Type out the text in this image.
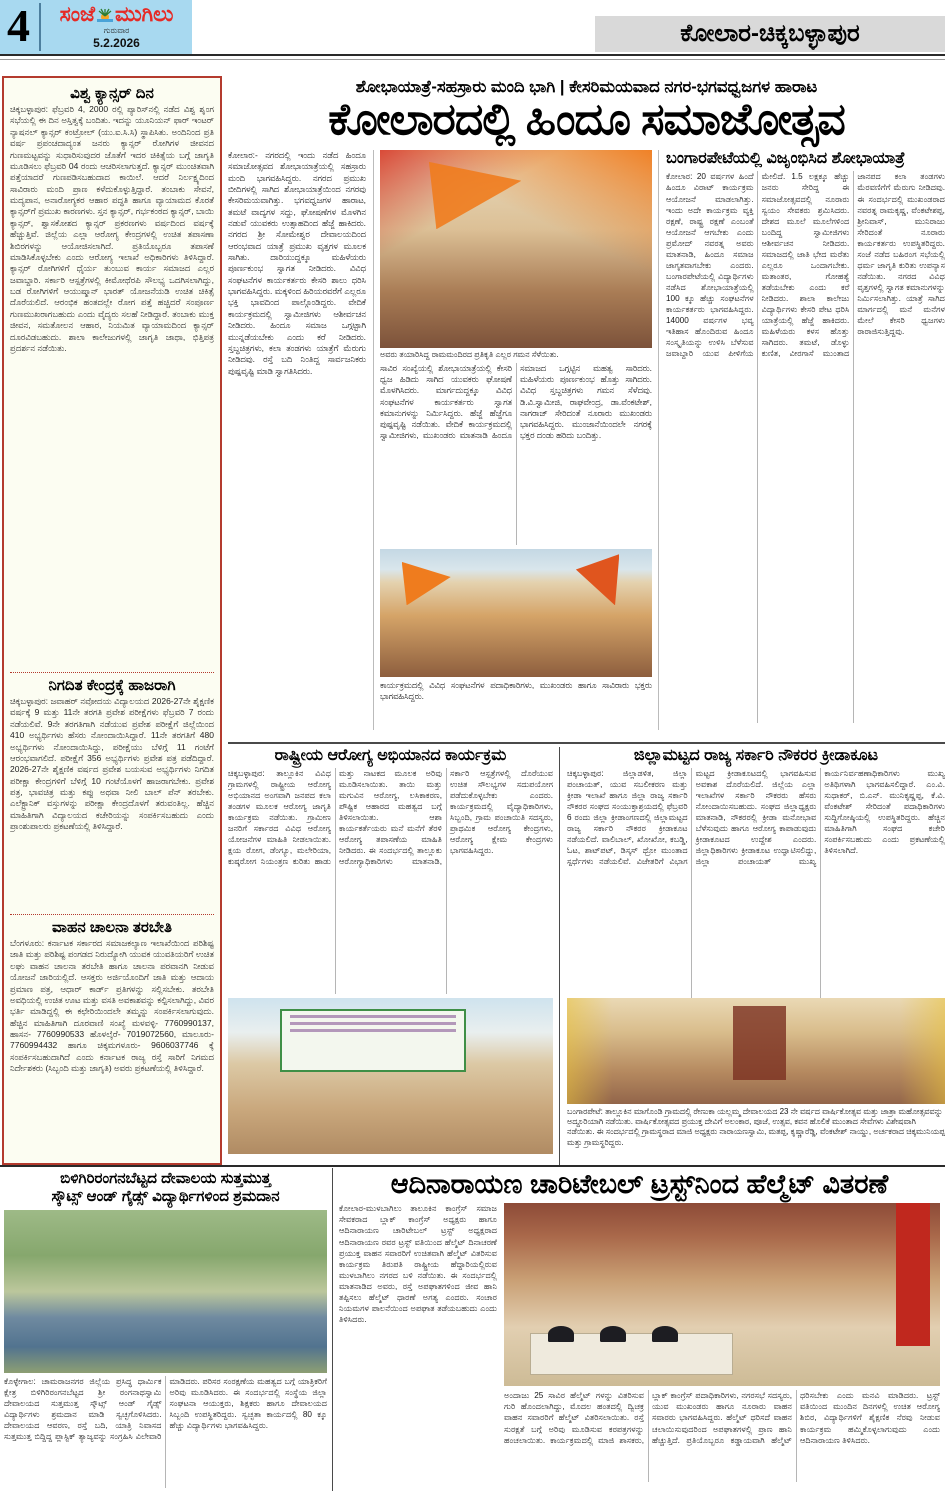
4	ಸಂಜೆ ಮುಗಿಲು
ಗುರುವಾರ
5.2.2026	ಕೋಲಾರ-ಚಿಕ್ಕಬಳ್ಳಾಪುರ
ವಿಶ್ವ ಕ್ಯಾನ್ಸರ್ ದಿನ
ಚಿಕ್ಕಬಳ್ಳಾಪುರ: ಫೆಬ್ರವರಿ 4, 2000 ರಲ್ಲಿ ಪ್ಯಾರಿಸ್‌ನಲ್ಲಿ ನಡೆದ ವಿಶ್ವ ಶೃಂಗ ಸಭೆಯಲ್ಲಿ ಈ ದಿನ ಅಸ್ತಿತ್ವಕ್ಕೆ ಬಂದಿತು. ಇದನ್ನು ಯೂನಿಯನ್ ಫಾರ್ ಇಂಟರ್ ನ್ಯಾಷನಲ್ ಕ್ಯಾನ್ಸರ್ ಕಂಟ್ರೋಲ್ (ಯು.ಐ.ಸಿ.ಸಿ) ಸ್ಥಾಪಿಸಿತು. ಅಂದಿನಿಂದ ಪ್ರತಿ ವರ್ಷ ಪ್ರಪಂಚದಾದ್ಯಂತ ಜನರು ಕ್ಯಾನ್ಸರ್ ರೋಗಿಗಳ ಜೀವನದ ಗುಣಮಟ್ಟವನ್ನು ಸುಧಾರಿಸುವುದರ ಜೊತೆಗೆ ಇದರ ಚಿಕಿತ್ಸೆಯ ಬಗ್ಗೆ ಜಾಗೃತಿ ಮೂಡಿಸಲು ಫೆಬ್ರವರಿ 04 ರಂದು ಆಚರಿಸಲಾಗುತ್ತದೆ. ಕ್ಯಾನ್ಸರ್ ಮುಂಚಿತವಾಗಿ ಪತ್ತೆಯಾದರೆ ಗುಣಪಡಿಸಬಹುದಾದ ಕಾಯಿಲೆ. ಆದರೆ ನಿರ್ಲಕ್ಷ್ಯದಿಂದ ಸಾವಿರಾರು ಮಂದಿ ಪ್ರಾಣ ಕಳೆದುಕೊಳ್ಳುತ್ತಿದ್ದಾರೆ. ತಂಬಾಕು ಸೇವನೆ, ಮದ್ಯಪಾನ, ಅನಾರೋಗ್ಯಕರ ಆಹಾರ ಪದ್ಧತಿ ಹಾಗೂ ವ್ಯಾಯಾಮದ ಕೊರತೆ ಕ್ಯಾನ್ಸರ್‌ಗೆ ಪ್ರಮುಖ ಕಾರಣಗಳು. ಸ್ತನ ಕ್ಯಾನ್ಸರ್, ಗರ್ಭಕಂಠದ ಕ್ಯಾನ್ಸರ್, ಬಾಯಿ ಕ್ಯಾನ್ಸರ್, ಶ್ವಾಸಕೋಶದ ಕ್ಯಾನ್ಸರ್ ಪ್ರಕರಣಗಳು ವರ್ಷದಿಂದ ವರ್ಷಕ್ಕೆ ಹೆಚ್ಚುತ್ತಿವೆ. ಜಿಲ್ಲೆಯ ಎಲ್ಲಾ ಆರೋಗ್ಯ ಕೇಂದ್ರಗಳಲ್ಲಿ ಉಚಿತ ತಪಾಸಣಾ ಶಿಬಿರಗಳನ್ನು ಆಯೋಜಿಸಲಾಗಿದೆ. ಪ್ರತಿಯೊಬ್ಬರೂ ತಪಾಸಣೆ ಮಾಡಿಸಿಕೊಳ್ಳಬೇಕು ಎಂದು ಆರೋಗ್ಯ ಇಲಾಖೆ ಅಧಿಕಾರಿಗಳು ತಿಳಿಸಿದ್ದಾರೆ. ಕ್ಯಾನ್ಸರ್ ರೋಗಿಗಳಿಗೆ ಧೈರ್ಯ ತುಂಬುವ ಕಾರ್ಯ ಸಮಾಜದ ಎಲ್ಲರ ಜವಾಬ್ದಾರಿ. ಸರ್ಕಾರಿ ಆಸ್ಪತ್ರೆಗಳಲ್ಲಿ ಕೀಮೋಥೆರಪಿ ಸೌಲಭ್ಯ ಒದಗಿಸಲಾಗಿದ್ದು, ಬಡ ರೋಗಿಗಳಿಗೆ ಆಯುಷ್ಮಾನ್ ಭಾರತ್ ಯೋಜನೆಯಡಿ ಉಚಿತ ಚಿಕಿತ್ಸೆ ದೊರೆಯಲಿದೆ. ಆರಂಭಿಕ ಹಂತದಲ್ಲೇ ರೋಗ ಪತ್ತೆ ಹಚ್ಚಿದರೆ ಸಂಪೂರ್ಣ ಗುಣಮುಖರಾಗಬಹುದು ಎಂದು ವೈದ್ಯರು ಸಲಹೆ ನೀಡಿದ್ದಾರೆ. ತಂಬಾಕು ಮುಕ್ತ ಜೀವನ, ಸಮತೋಲನ ಆಹಾರ, ನಿಯಮಿತ ವ್ಯಾಯಾಮದಿಂದ ಕ್ಯಾನ್ಸರ್ ದೂರವಿಡಬಹುದು. ಶಾಲಾ ಕಾಲೇಜುಗಳಲ್ಲಿ ಜಾಗೃತಿ ಜಾಥಾ, ಭಿತ್ತಿಪತ್ರ ಪ್ರದರ್ಶನ ನಡೆಯಿತು.
ನಿಗದಿತ ಕೇಂದ್ರಕ್ಕೆ ಹಾಜರಾಗಿ
ಚಿಕ್ಕಬಳ್ಳಾಪುರ: ಜವಾಹರ್ ನವೋದಯ ವಿದ್ಯಾಲಯದ 2026-27ನೇ ಶೈಕ್ಷಣಿಕ ವರ್ಷಕ್ಕೆ 9 ಮತ್ತು 11ನೇ ತರಗತಿ ಪ್ರವೇಶ ಪರೀಕ್ಷೆಗಳು ಫೆಬ್ರವರಿ 7 ರಂದು ನಡೆಯಲಿವೆ. 9ನೇ ತರಗತಿಗಾಗಿ ನಡೆಯುವ ಪ್ರವೇಶ ಪರೀಕ್ಷೆಗೆ ಜಿಲ್ಲೆಯಿಂದ 410 ಅಭ್ಯರ್ಥಿಗಳು ಹೆಸರು ನೋಂದಾಯಿಸಿದ್ದಾರೆ. 11ನೇ ತರಗತಿಗೆ 480 ಅಭ್ಯರ್ಥಿಗಳು ನೋಂದಾಯಿಸಿದ್ದು, ಪರೀಕ್ಷೆಯು ಬೆಳಿಗ್ಗೆ 11 ಗಂಟೆಗೆ ಆರಂಭವಾಗಲಿದೆ. ಪರೀಕ್ಷೆಗೆ 356 ಅಭ್ಯರ್ಥಿಗಳು ಪ್ರವೇಶ ಪತ್ರ ಪಡೆದಿದ್ದಾರೆ. 2026-27ನೇ ಶೈಕ್ಷಣಿಕ ವರ್ಷದ ಪ್ರವೇಶ ಬಯಸುವ ಅಭ್ಯರ್ಥಿಗಳು ನಿಗದಿತ ಪರೀಕ್ಷಾ ಕೇಂದ್ರಗಳಿಗೆ ಬೆಳಿಗ್ಗೆ 10 ಗಂಟೆಯೊಳಗೆ ಹಾಜರಾಗಬೇಕು. ಪ್ರವೇಶ ಪತ್ರ, ಭಾವಚಿತ್ರ ಮತ್ತು ಕಪ್ಪು ಅಥವಾ ನೀಲಿ ಬಾಲ್ ಪೆನ್ ತರಬೇಕು. ಎಲೆಕ್ಟ್ರಾನಿಕ್ ವಸ್ತುಗಳನ್ನು ಪರೀಕ್ಷಾ ಕೇಂದ್ರದೊಳಗೆ ತರುವಂತಿಲ್ಲ. ಹೆಚ್ಚಿನ ಮಾಹಿತಿಗಾಗಿ ವಿದ್ಯಾಲಯದ ಕಚೇರಿಯನ್ನು ಸಂಪರ್ಕಿಸಬಹುದು ಎಂದು ಪ್ರಾಂಶುಪಾಲರು ಪ್ರಕಟಣೆಯಲ್ಲಿ ತಿಳಿಸಿದ್ದಾರೆ.
ವಾಹನ ಚಾಲನಾ ತರಬೇತಿ
ಬೆಂಗಳೂರು: ಕರ್ನಾಟಕ ಸರ್ಕಾರದ ಸಮಾಜಕಲ್ಯಾಣ ಇಲಾಖೆಯಿಂದ ಪರಿಶಿಷ್ಟ ಜಾತಿ ಮತ್ತು ಪರಿಶಿಷ್ಟ ಪಂಗಡದ ನಿರುದ್ಯೋಗಿ ಯುವಕ ಯುವತಿಯರಿಗೆ ಉಚಿತ ಲಘು ವಾಹನ ಚಾಲನಾ ತರಬೇತಿ ಹಾಗೂ ಚಾಲನಾ ಪರವಾನಗಿ ನೀಡುವ ಯೋಜನೆ ಜಾರಿಯಲ್ಲಿದೆ. ಆಸಕ್ತರು ಅರ್ಜಿಯೊಂದಿಗೆ ಜಾತಿ ಮತ್ತು ಆದಾಯ ಪ್ರಮಾಣ ಪತ್ರ, ಆಧಾರ್ ಕಾರ್ಡ್ ಪ್ರತಿಗಳನ್ನು ಸಲ್ಲಿಸಬೇಕು. ತರಬೇತಿ ಅವಧಿಯಲ್ಲಿ ಉಚಿತ ಊಟ ಮತ್ತು ವಸತಿ ಅವಕಾಶವನ್ನು ಕಲ್ಪಿಸಲಾಗಿದ್ದು, ವಿವರ ಭರ್ತಿ ಮಾಡಿದ್ದಲ್ಲಿ ಈ ಕಛೇರಿಯಿಂದಲೇ ತಮ್ಮನ್ನು ಸಂಪರ್ಕಿಸಲಾಗುವುದು. ಹೆಚ್ಚಿನ ಮಾಹಿತಿಗಾಗಿ ದೂರವಾಣಿ ಸಂಖ್ಯೆ ಮಳವಳ್ಳಿ- 7760990137, ಹಾಸನ- 7760990533 ಹೊಳಲ್ಕೆರೆ- 7019072560, ಮಾಲೂರು- 7760994432 ಹಾಗೂ ಚಿಕ್ಕಮಗಳೂರು- 9606037746 ಕ್ಕೆ ಸಂಪರ್ಕಿಸಬಹುದಾಗಿದೆ ಎಂದು ಕರ್ನಾಟಕ ರಾಜ್ಯ ರಸ್ತೆ ಸಾರಿಗೆ ನಿಗಮದ ನಿರ್ದೇಶಕರು (ಸಿಬ್ಬಂದಿ ಮತ್ತು ಜಾಗೃತಿ) ಅವರು ಪ್ರಕಟಣೆಯಲ್ಲಿ ತಿಳಿಸಿದ್ದಾರೆ.
ಶೋಭಾಯಾತ್ರೆ-ಸಹಸ್ರಾರು ಮಂದಿ ಭಾಗಿ | ಕೇಸರಿಮಯವಾದ ನಗರ-ಭಗವಧ್ವಜಗಳ ಹಾರಾಟ
ಕೋಲಾರದಲ್ಲಿ ಹಿಂದೂ ಸಮಾಜೋತ್ಸವ
ಕೋಲಾರ:- ನಗರದಲ್ಲಿ ಇಂದು ನಡೆದ ಹಿಂದೂ ಸಮಾಜೋತ್ಸವದ ಶೋಭಾಯಾತ್ರೆಯಲ್ಲಿ ಸಹಸ್ರಾರು ಮಂದಿ ಭಾಗವಹಿಸಿದ್ದರು. ನಗರದ ಪ್ರಮುಖ ಬೀದಿಗಳಲ್ಲಿ ಸಾಗಿದ ಶೋಭಾಯಾತ್ರೆಯಿಂದ ನಗರವು ಕೇಸರಿಮಯವಾಗಿತ್ತು. ಭಗವಧ್ವಜಗಳ ಹಾರಾಟ, ತಮಟೆ ವಾದ್ಯಗಳ ಸದ್ದು, ಘೋಷಣೆಗಳ ಮೊಳಗಿನ ನಡುವೆ ಯುವಕರು ಉತ್ಸಾಹದಿಂದ ಹೆಜ್ಜೆ ಹಾಕಿದರು. ನಗರದ ಶ್ರೀ ಸೋಮೇಶ್ವರ ದೇವಾಲಯದಿಂದ ಆರಂಭವಾದ ಯಾತ್ರೆ ಪ್ರಮುಖ ವೃತ್ತಗಳ ಮೂಲಕ ಸಾಗಿತು. ದಾರಿಯುದ್ದಕ್ಕೂ ಮಹಿಳೆಯರು ಪೂರ್ಣಕುಂಭ ಸ್ವಾಗತ ನೀಡಿದರು. ವಿವಿಧ ಸಂಘಟನೆಗಳ ಕಾರ್ಯಕರ್ತರು ಕೇಸರಿ ಶಾಲು ಧರಿಸಿ ಭಾಗವಹಿಸಿದ್ದರು. ಮಕ್ಕಳಿಂದ ಹಿರಿಯರವರೆಗೆ ಎಲ್ಲರೂ ಭಕ್ತಿ ಭಾವದಿಂದ ಪಾಲ್ಗೊಂಡಿದ್ದರು. ವೇದಿಕೆ ಕಾರ್ಯಕ್ರಮದಲ್ಲಿ ಸ್ವಾಮೀಜಿಗಳು ಆಶೀರ್ವಚನ ನೀಡಿದರು. ಹಿಂದೂ ಸಮಾಜ ಒಗ್ಗಟ್ಟಾಗಿ ಮುನ್ನಡೆಯಬೇಕು ಎಂದು ಕರೆ ನೀಡಿದರು. ಸ್ತಬ್ಧಚಿತ್ರಗಳು, ಕಲಾ ತಂಡಗಳು ಯಾತ್ರೆಗೆ ಮೆರುಗು ನೀಡಿದವು. ರಸ್ತೆ ಬದಿ ನಿಂತಿದ್ದ ಸಾರ್ವಜನಿಕರು ಪುಷ್ಪವೃಷ್ಟಿ ಮಾಡಿ ಸ್ವಾಗತಿಸಿದರು.
ಅವರು ತಯಾರಿಸಿದ್ದ ರಾಮಮಂದಿರದ ಪ್ರತಿಕೃತಿ ಎಲ್ಲರ ಗಮನ ಸೆಳೆಯಿತು.
ಸಾವಿರ ಸಂಖ್ಯೆಯಲ್ಲಿ ಶೋಭಾಯಾತ್ರೆಯಲ್ಲಿ ಕೇಸರಿ ಧ್ವಜ ಹಿಡಿದು ಸಾಗಿದ ಯುವಕರು ಘೋಷಣೆ ಮೊಳಗಿಸಿದರು. ಮಾರ್ಗದುದ್ದಕ್ಕೂ ವಿವಿಧ ಸಂಘಟನೆಗಳ ಕಾರ್ಯಕರ್ತರು ಸ್ವಾಗತ ಕಮಾನುಗಳನ್ನು ನಿರ್ಮಿಸಿದ್ದರು. ಹೆಜ್ಜೆ ಹೆಜ್ಜೆಗೂ ಪುಷ್ಪವೃಷ್ಟಿ ನಡೆಯಿತು. ವೇದಿಕೆ ಕಾರ್ಯಕ್ರಮದಲ್ಲಿ ಸ್ವಾಮೀಜಿಗಳು, ಮುಖಂಡರು ಮಾತನಾಡಿ ಹಿಂದೂ ಸಮಾಜದ ಒಗ್ಗಟ್ಟಿನ ಮಹತ್ವ ಸಾರಿದರು. ಮಹಿಳೆಯರು ಪೂರ್ಣಕುಂಭ ಹೊತ್ತು ಸಾಗಿದರು. ವಿವಿಧ ಸ್ತಬ್ಧಚಿತ್ರಗಳು ಗಮನ ಸೆಳೆದವು. ಡಿ.ವಿ.ಸ್ವಾಮೀಜಿ, ರಾಘವೇಂದ್ರ, ಡಾ.ವೆಂಕಟೇಶ್, ನಾಗರಾಜ್ ಸೇರಿದಂತೆ ನೂರಾರು ಮುಖಂಡರು ಭಾಗವಹಿಸಿದ್ದರು. ಮುಂಜಾನೆಯಿಂದಲೇ ನಗರಕ್ಕೆ ಭಕ್ತರ ದಂಡು ಹರಿದು ಬಂದಿತ್ತು.
ಕಾರ್ಯಕ್ರಮದಲ್ಲಿ ವಿವಿಧ ಸಂಘಟನೆಗಳ ಪದಾಧಿಕಾರಿಗಳು, ಮುಖಂಡರು ಹಾಗೂ ಸಾವಿರಾರು ಭಕ್ತರು ಭಾಗವಹಿಸಿದ್ದರು.
ಬಂಗಾರಪೇಟೆಯಲ್ಲಿ ವಿಜೃಂಭಿಸಿದ ಶೋಭಾಯಾತ್ರೆ
ಕೋಲಾರ: 20 ವರ್ಷಗಳ ಹಿಂದೆ ಹಿಂದೂ ವಿರಾಟ್ ಕಾರ್ಯಕ್ರಮ ಆಯೋಜನೆ ಮಾಡಲಾಗಿತ್ತು. ಇಂದು ಅದೇ ಕಾರ್ಯಕ್ರಮ ವ್ಯಕ್ತಿ ರಕ್ಷಣೆ, ರಾಷ್ಟ್ರ ರಕ್ಷಣೆ ಎಂಬಂತೆ ಆಯೋಜನೆ ಆಗಬೇಕು ಎಂದು ಪ್ರಮೋದ್ ನವರತ್ನ ಅವರು ಮಾತನಾಡಿ, ಹಿಂದೂ ಸಮಾಜ ಜಾಗೃತವಾಗಬೇಕು ಎಂದರು. ಬಂಗಾರಪೇಟೆಯಲ್ಲಿ ವಿದ್ಯಾರ್ಥಿಗಳು ನಡೆಸಿದ ಶೋಭಾಯಾತ್ರೆಯಲ್ಲಿ 100 ಕ್ಕೂ ಹೆಚ್ಚು ಸಂಘಟನೆಗಳ ಕಾರ್ಯಕರ್ತರು ಭಾಗವಹಿಸಿದ್ದರು. 14000 ವರ್ಷಗಳ ಭವ್ಯ ಇತಿಹಾಸ ಹೊಂದಿರುವ ಹಿಂದೂ ಸಂಸ್ಕೃತಿಯನ್ನು ಉಳಿಸಿ ಬೆಳೆಸುವ ಜವಾಬ್ದಾರಿ ಯುವ ಪೀಳಿಗೆಯ ಮೇಲಿದೆ. 1.5 ಲಕ್ಷಕ್ಕೂ ಹೆಚ್ಚು ಜನರು ಸೇರಿದ್ದ ಈ ಸಮಾಜೋತ್ಸವದಲ್ಲಿ ನೂರಾರು ಸ್ವಯಂ ಸೇವಕರು ಶ್ರಮಿಸಿದರು. ದೇಶದ ಮೂಲೆ ಮೂಲೆಗಳಿಂದ ಬಂದಿದ್ದ ಸ್ವಾಮೀಜಿಗಳು ಆಶೀರ್ವಚನ ನೀಡಿದರು. ಸಮಾಜದಲ್ಲಿ ಜಾತಿ ಭೇದ ಮರೆತು ಎಲ್ಲರೂ ಒಂದಾಗಬೇಕು. ಮತಾಂತರ, ಗೋಹತ್ಯೆ ತಡೆಯಬೇಕು ಎಂದು ಕರೆ ನೀಡಿದರು. ಶಾಲಾ ಕಾಲೇಜು ವಿದ್ಯಾರ್ಥಿಗಳು ಕೇಸರಿ ಪೇಟ ಧರಿಸಿ ಯಾತ್ರೆಯಲ್ಲಿ ಹೆಜ್ಜೆ ಹಾಕಿದರು. ಮಹಿಳೆಯರು ಕಳಸ ಹೊತ್ತು ಸಾಗಿದರು. ತಮಟೆ, ಡೊಳ್ಳು ಕುಣಿತ, ವೀರಗಾಸೆ ಮುಂತಾದ ಜಾನಪದ ಕಲಾ ತಂಡಗಳು ಮೆರವಣಿಗೆಗೆ ಮೆರುಗು ನೀಡಿದವು. ಈ ಸಂದರ್ಭದಲ್ಲಿ ಮುಖಂಡರಾದ ನವರತ್ನ ರಾಮಕೃಷ್ಣ, ವೆಂಕಟೇಶಪ್ಪ, ಶ್ರೀನಿವಾಸ್, ಮುನಿರಾಜು ಸೇರಿದಂತೆ ನೂರಾರು ಕಾರ್ಯಕರ್ತರು ಉಪಸ್ಥಿತರಿದ್ದರು. ಸಂಜೆ ನಡೆದ ಬಹಿರಂಗ ಸಭೆಯಲ್ಲಿ ಧರ್ಮ ಜಾಗೃತಿ ಕುರಿತು ಉಪನ್ಯಾಸ ನಡೆಯಿತು. ನಗರದ ವಿವಿಧ ವೃತ್ತಗಳಲ್ಲಿ ಸ್ವಾಗತ ಕಮಾನುಗಳನ್ನು ನಿರ್ಮಿಸಲಾಗಿತ್ತು. ಯಾತ್ರೆ ಸಾಗಿದ ಮಾರ್ಗದಲ್ಲಿ ಮನೆ ಮನೆಗಳ ಮೇಲೆ ಕೇಸರಿ ಧ್ವಜಗಳು ರಾರಾಜಿಸುತ್ತಿದ್ದವು.
ರಾಷ್ಟ್ರೀಯ ಆರೋಗ್ಯ ಅಭಿಯಾನದ ಕಾರ್ಯಕ್ರಮ
ಚಿಕ್ಕಬಳ್ಳಾಪುರ: ತಾಲ್ಲೂಕಿನ ವಿವಿಧ ಗ್ರಾಮಗಳಲ್ಲಿ ರಾಷ್ಟ್ರೀಯ ಆರೋಗ್ಯ ಅಭಿಯಾನದ ಅಂಗವಾಗಿ ಜನಪದ ಕಲಾ ತಂಡಗಳ ಮೂಲಕ ಆರೋಗ್ಯ ಜಾಗೃತಿ ಕಾರ್ಯಕ್ರಮ ನಡೆಯಿತು. ಗ್ರಾಮೀಣ ಜನರಿಗೆ ಸರ್ಕಾರದ ವಿವಿಧ ಆರೋಗ್ಯ ಯೋಜನೆಗಳ ಮಾಹಿತಿ ನೀಡಲಾಯಿತು. ಕ್ಷಯ ರೋಗ, ಡೆಂಗ್ಯೂ, ಮಲೇರಿಯಾ, ಕುಷ್ಠರೋಗ ನಿಯಂತ್ರಣ ಕುರಿತು ಹಾಡು ಮತ್ತು ನಾಟಕದ ಮೂಲಕ ಅರಿವು ಮೂಡಿಸಲಾಯಿತು. ತಾಯಿ ಮತ್ತು ಮಗುವಿನ ಆರೋಗ್ಯ, ಲಸಿಕಾಕರಣ, ಪೌಷ್ಟಿಕ ಆಹಾರದ ಮಹತ್ವದ ಬಗ್ಗೆ ತಿಳಿಸಲಾಯಿತು. ಆಶಾ ಕಾರ್ಯಕರ್ತೆಯರು ಮನೆ ಮನೆಗೆ ತೆರಳಿ ಆರೋಗ್ಯ ತಪಾಸಣೆಯ ಮಾಹಿತಿ ನೀಡಿದರು. ಈ ಸಂದರ್ಭದಲ್ಲಿ ತಾಲ್ಲೂಕು ಆರೋಗ್ಯಾಧಿಕಾರಿಗಳು ಮಾತನಾಡಿ, ಸರ್ಕಾರಿ ಆಸ್ಪತ್ರೆಗಳಲ್ಲಿ ದೊರೆಯುವ ಉಚಿತ ಸೌಲಭ್ಯಗಳ ಸದುಪಯೋಗ ಪಡೆದುಕೊಳ್ಳಬೇಕು ಎಂದರು. ಕಾರ್ಯಕ್ರಮದಲ್ಲಿ ವೈದ್ಯಾಧಿಕಾರಿಗಳು, ಸಿಬ್ಬಂದಿ, ಗ್ರಾಮ ಪಂಚಾಯಿತಿ ಸದಸ್ಯರು, ಪ್ರಾಥಮಿಕ ಆರೋಗ್ಯ ಕೇಂದ್ರಗಳು, ಆರೋಗ್ಯ ಕ್ಷೇಮ ಕೇಂದ್ರಗಳು ಭಾಗವಹಿಸಿದ್ದರು.
ಜಿಲ್ಲಾಮಟ್ಟದ ರಾಜ್ಯ ಸರ್ಕಾರಿ ನೌಕರರ ಕ್ರೀಡಾಕೂಟ
ಚಿಕ್ಕಬಳ್ಳಾಪುರ: ಜಿಲ್ಲಾಡಳಿತ, ಜಿಲ್ಲಾ ಪಂಚಾಯತ್, ಯುವ ಸಬಲೀಕರಣ ಮತ್ತು ಕ್ರೀಡಾ ಇಲಾಖೆ ಹಾಗೂ ಜಿಲ್ಲಾ ರಾಜ್ಯ ಸರ್ಕಾರಿ ನೌಕರರ ಸಂಘದ ಸಂಯುಕ್ತಾಶ್ರಯದಲ್ಲಿ ಫೆಬ್ರವರಿ 6 ರಂದು ಜಿಲ್ಲಾ ಕ್ರೀಡಾಂಗಣದಲ್ಲಿ ಜಿಲ್ಲಾಮಟ್ಟದ ರಾಜ್ಯ ಸರ್ಕಾರಿ ನೌಕರರ ಕ್ರೀಡಾಕೂಟ ನಡೆಯಲಿದೆ. ವಾಲಿಬಾಲ್, ಖೋಖೋ, ಕಬಡ್ಡಿ, ಓಟ, ಶಾಟ್‌ಪಟ್, ಡಿಸ್ಕಸ್ ಥ್ರೋ ಮುಂತಾದ ಸ್ಪರ್ಧೆಗಳು ನಡೆಯಲಿವೆ. ವಿಜೇತರಿಗೆ ವಿಭಾಗ ಮಟ್ಟದ ಕ್ರೀಡಾಕೂಟದಲ್ಲಿ ಭಾಗವಹಿಸುವ ಅವಕಾಶ ದೊರೆಯಲಿದೆ. ಜಿಲ್ಲೆಯ ಎಲ್ಲಾ ಇಲಾಖೆಗಳ ಸರ್ಕಾರಿ ನೌಕರರು ಹೆಸರು ನೋಂದಾಯಿಸಬಹುದು. ಸಂಘದ ಜಿಲ್ಲಾಧ್ಯಕ್ಷರು ಮಾತನಾಡಿ, ನೌಕರರಲ್ಲಿ ಕ್ರೀಡಾ ಮನೋಭಾವ ಬೆಳೆಸುವುದು ಹಾಗೂ ಆರೋಗ್ಯ ಕಾಪಾಡುವುದು ಕ್ರೀಡಾಕೂಟದ ಉದ್ದೇಶ ಎಂದರು. ಜಿಲ್ಲಾಧಿಕಾರಿಗಳು ಕ್ರೀಡಾಕೂಟ ಉದ್ಘಾಟಿಸಲಿದ್ದು, ಜಿಲ್ಲಾ ಪಂಚಾಯತ್ ಮುಖ್ಯ ಕಾರ್ಯನಿರ್ವಹಣಾಧಿಕಾರಿಗಳು ಮುಖ್ಯ ಅತಿಥಿಗಳಾಗಿ ಭಾಗವಹಿಸಲಿದ್ದಾರೆ. ಎಂ.ವಿ. ಸುಧಾಕರ್, ಬಿ.ಎನ್. ಮುನಿಕೃಷ್ಣಪ್ಪ, ಕೆ.ವಿ. ವೆಂಕಟೇಶ್ ಸೇರಿದಂತೆ ಪದಾಧಿಕಾರಿಗಳು ಸುದ್ದಿಗೋಷ್ಠಿಯಲ್ಲಿ ಉಪಸ್ಥಿತರಿದ್ದರು. ಹೆಚ್ಚಿನ ಮಾಹಿತಿಗಾಗಿ ಸಂಘದ ಕಚೇರಿ ಸಂಪರ್ಕಿಸಬಹುದು ಎಂದು ಪ್ರಕಟಣೆಯಲ್ಲಿ ತಿಳಿಸಲಾಗಿದೆ.
ಬಂಗಾರಪೇಟೆ: ತಾಲ್ಲೂಕಿನ ಮಾಗೊಂಡಿ ಗ್ರಾಮದಲ್ಲಿ ರೇಣುಕಾ ಯಲ್ಲಮ್ಮ ದೇವಾಲಯದ 23 ನೇ ವರ್ಷದ ವಾರ್ಷಿಕೋತ್ಸವ ಮತ್ತು ಜಾತ್ರಾ ಮಹೋತ್ಸವವನ್ನು ಅದ್ದೂರಿಯಾಗಿ ನಡೆಯಿತು. ವಾರ್ಷಿಕೋತ್ಸವದ ಪ್ರಯುಕ್ತ ದೇವಿಗೆ ಅಲಂಕಾರ, ಪೂಜೆ, ಉತ್ಸವ, ಕವನ ಹೊಲಿಕೆ ಮುಂತಾದ ಸೇವೆಗಳು ವಿಶೇಷವಾಗಿ ನಡೆಯಿತು. ಈ ಸಂದರ್ಭದಲ್ಲಿ ಗ್ರಾಮಸ್ಥರಾದ ಮಾಜಿ ಅಧ್ಯಕ್ಷರು ನಾರಾಯಣಸ್ವಾಮಿ, ಮತಪ್ಪ, ಕೃಷ್ಣಾರೆಡ್ಡಿ, ವೆಂಕಟೇಶ್ ನಾಯ್ಡು, ಅರ್ಚಕರಾದ ಚಿಕ್ಕಮುನಿಯಪ್ಪ ಮತ್ತು ಗ್ರಾಮಸ್ಥರಿದ್ದರು.
ಬಿಳಿಗಿರಿರಂಗನಬೆಟ್ಟದ ದೇವಾಲಯ ಸುತ್ತಮುತ್ತ
ಸ್ಕೌಟ್ಸ್ ಆಂಡ್ ಗೈಡ್ಸ್ ವಿದ್ಯಾರ್ಥಿಗಳಿಂದ ಶ್ರಮದಾನ
ಕೊಳ್ಳೇಗಾಲ: ಚಾಮರಾಜನಗರ ಜಿಲ್ಲೆಯ ಪ್ರಸಿದ್ಧ ಧಾರ್ಮಿಕ ಕ್ಷೇತ್ರ ಬಿಳಿಗಿರಿರಂಗನಬೆಟ್ಟದ ಶ್ರೀ ರಂಗನಾಥಸ್ವಾಮಿ ದೇವಾಲಯದ ಸುತ್ತಮುತ್ತ ಸ್ಕೌಟ್ಸ್ ಆಂಡ್ ಗೈಡ್ಸ್ ವಿದ್ಯಾರ್ಥಿಗಳು ಶ್ರಮದಾನ ಮಾಡಿ ಸ್ವಚ್ಛಗೊಳಿಸಿದರು. ದೇವಾಲಯದ ಆವರಣ, ರಸ್ತೆ ಬದಿ, ಯಾತ್ರಿ ನಿವಾಸದ ಸುತ್ತಮುತ್ತ ಬಿದ್ದಿದ್ದ ಪ್ಲಾಸ್ಟಿಕ್ ತ್ಯಾಜ್ಯವನ್ನು ಸಂಗ್ರಹಿಸಿ ವಿಲೇವಾರಿ ಮಾಡಿದರು. ಪರಿಸರ ಸಂರಕ್ಷಣೆಯ ಮಹತ್ವದ ಬಗ್ಗೆ ಯಾತ್ರಿಕರಿಗೆ ಅರಿವು ಮೂಡಿಸಿದರು. ಈ ಸಂದರ್ಭದಲ್ಲಿ ಸಂಸ್ಥೆಯ ಜಿಲ್ಲಾ ಸಂಘಟನಾ ಆಯುಕ್ತರು, ಶಿಕ್ಷಕರು ಹಾಗೂ ದೇವಾಲಯದ ಸಿಬ್ಬಂದಿ ಉಪಸ್ಥಿತರಿದ್ದರು. ಸ್ವಚ್ಛತಾ ಕಾರ್ಯದಲ್ಲಿ 80 ಕ್ಕೂ ಹೆಚ್ಚು ವಿದ್ಯಾರ್ಥಿಗಳು ಭಾಗವಹಿಸಿದ್ದರು.
ಆದಿನಾರಾಯಣ ಚಾರಿಟೇಬಲ್ ಟ್ರಸ್ಟ್‌ನಿಂದ ಹೆಲ್ಮೆಟ್ ವಿತರಣೆ
ಕೋಲಾರ-ಮುಳಬಾಗಿಲು ತಾಲೂಕಿನ ಕಾಂಗ್ರೆಸ್ ಸಮಾಜ ಸೇವಕರಾದ ಬ್ಲಾಕ್ ಕಾಂಗ್ರೆಸ್ ಅಧ್ಯಕ್ಷರು ಹಾಗೂ ಆದಿನಾರಾಯಣ ಚಾರಿಟೇಬಲ್ ಟ್ರಸ್ಟ್ ಅಧ್ಯಕ್ಷರಾದ ಆದಿನಾರಾಯಣ ರವರ ಟ್ರಸ್ಟ್ ವತಿಯಿಂದ ಹೆಲ್ಮೆಟ್ ದಿನಾಚರಣೆ ಪ್ರಯುಕ್ತ ವಾಹನ ಸವಾರರಿಗೆ ಉಚಿತವಾಗಿ ಹೆಲ್ಮೆಟ್ ವಿತರಿಸುವ ಕಾರ್ಯಕ್ರಮ ತಿರುಪತಿ ರಾಷ್ಟ್ರೀಯ ಹೆದ್ದಾರಿಯಲ್ಲಿರುವ ಮುಳಬಾಗಿಲು ನಗರದ ಬಳಿ ನಡೆಯಿತು. ಈ ಸಂದರ್ಭದಲ್ಲಿ ಮಾತನಾಡಿದ ಅವರು, ರಸ್ತೆ ಅಪಘಾತಗಳಿಂದ ಜೀವ ಹಾನಿ ತಪ್ಪಿಸಲು ಹೆಲ್ಮೆಟ್ ಧಾರಣೆ ಅಗತ್ಯ ಎಂದರು. ಸಂಚಾರ ನಿಯಮಗಳ ಪಾಲನೆಯಿಂದ ಅಪಘಾತ ತಡೆಯಬಹುದು ಎಂದು ತಿಳಿಸಿದರು.
ಅಂದಾಜು 25 ಸಾವಿರ ಹೆಲ್ಮೆಟ್ ಗಳನ್ನು ವಿತರಿಸುವ ಗುರಿ ಹೊಂದಲಾಗಿದ್ದು, ಮೊದಲ ಹಂತದಲ್ಲಿ ದ್ವಿಚಕ್ರ ವಾಹನ ಸವಾರರಿಗೆ ಹೆಲ್ಮೆಟ್ ವಿತರಿಸಲಾಯಿತು. ರಸ್ತೆ ಸುರಕ್ಷತೆ ಬಗ್ಗೆ ಅರಿವು ಮೂಡಿಸುವ ಕರಪತ್ರಗಳನ್ನು ಹಂಚಲಾಯಿತು. ಕಾರ್ಯಕ್ರಮದಲ್ಲಿ ಮಾಜಿ ಶಾಸಕರು, ಬ್ಲಾಕ್ ಕಾಂಗ್ರೆಸ್ ಪದಾಧಿಕಾರಿಗಳು, ನಗರಸಭೆ ಸದಸ್ಯರು, ಯುವ ಮುಖಂಡರು ಹಾಗೂ ನೂರಾರು ವಾಹನ ಸವಾರರು ಭಾಗವಹಿಸಿದ್ದರು. ಹೆಲ್ಮೆಟ್ ಧರಿಸದೆ ವಾಹನ ಚಲಾಯಿಸುವುದರಿಂದ ಅಪಘಾತಗಳಲ್ಲಿ ಪ್ರಾಣ ಹಾನಿ ಹೆಚ್ಚುತ್ತಿದೆ. ಪ್ರತಿಯೊಬ್ಬರೂ ಕಡ್ಡಾಯವಾಗಿ ಹೆಲ್ಮೆಟ್ ಧರಿಸಬೇಕು ಎಂದು ಮನವಿ ಮಾಡಿದರು. ಟ್ರಸ್ಟ್ ವತಿಯಿಂದ ಮುಂದಿನ ದಿನಗಳಲ್ಲಿ ಉಚಿತ ಆರೋಗ್ಯ ಶಿಬಿರ, ವಿದ್ಯಾರ್ಥಿಗಳಿಗೆ ಶೈಕ್ಷಣಿಕ ನೆರವು ನೀಡುವ ಕಾರ್ಯಕ್ರಮ ಹಮ್ಮಿಕೊಳ್ಳಲಾಗುವುದು ಎಂದು ಆದಿನಾರಾಯಣ ತಿಳಿಸಿದರು.
